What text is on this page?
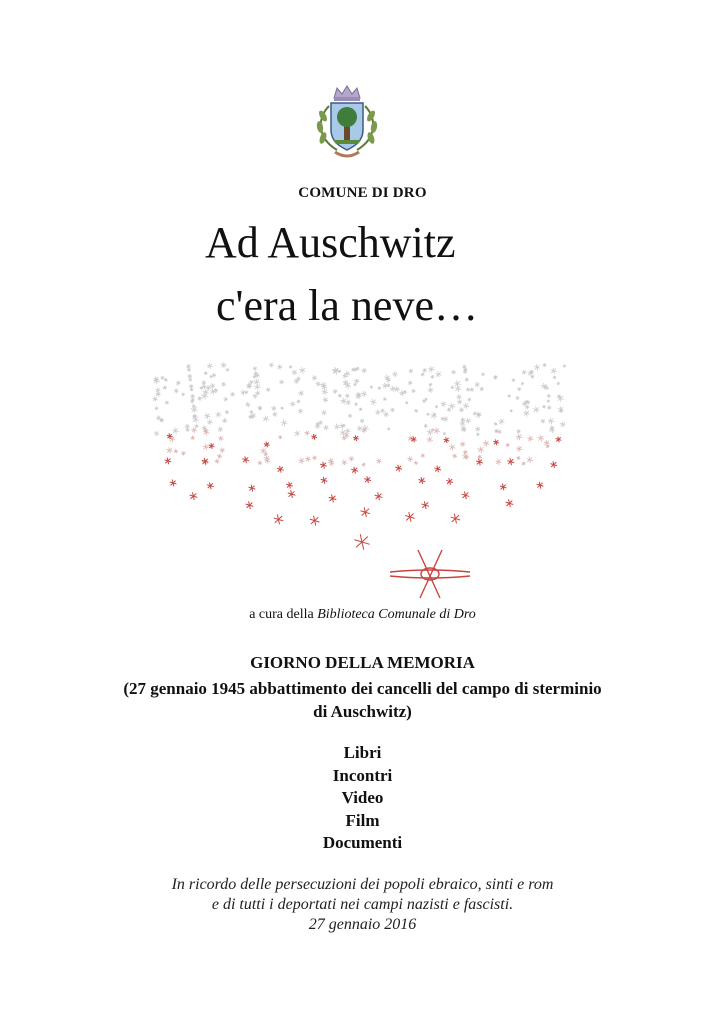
COMUNE DI DRO
Ad Auschwitz
c'era la neve…
a cura della Biblioteca Comunale di Dro
GIORNO DELLA MEMORIA
(27 gennaio 1945 abbattimento dei cancelli del campo di sterminio
di Auschwitz)
Libri
Incontri
Video
Film
Documenti
In ricordo delle persecuzioni dei popoli ebraico, sinti e rom
e di tutti i deportati nei campi nazisti e fascisti.
27 gennaio 2016
